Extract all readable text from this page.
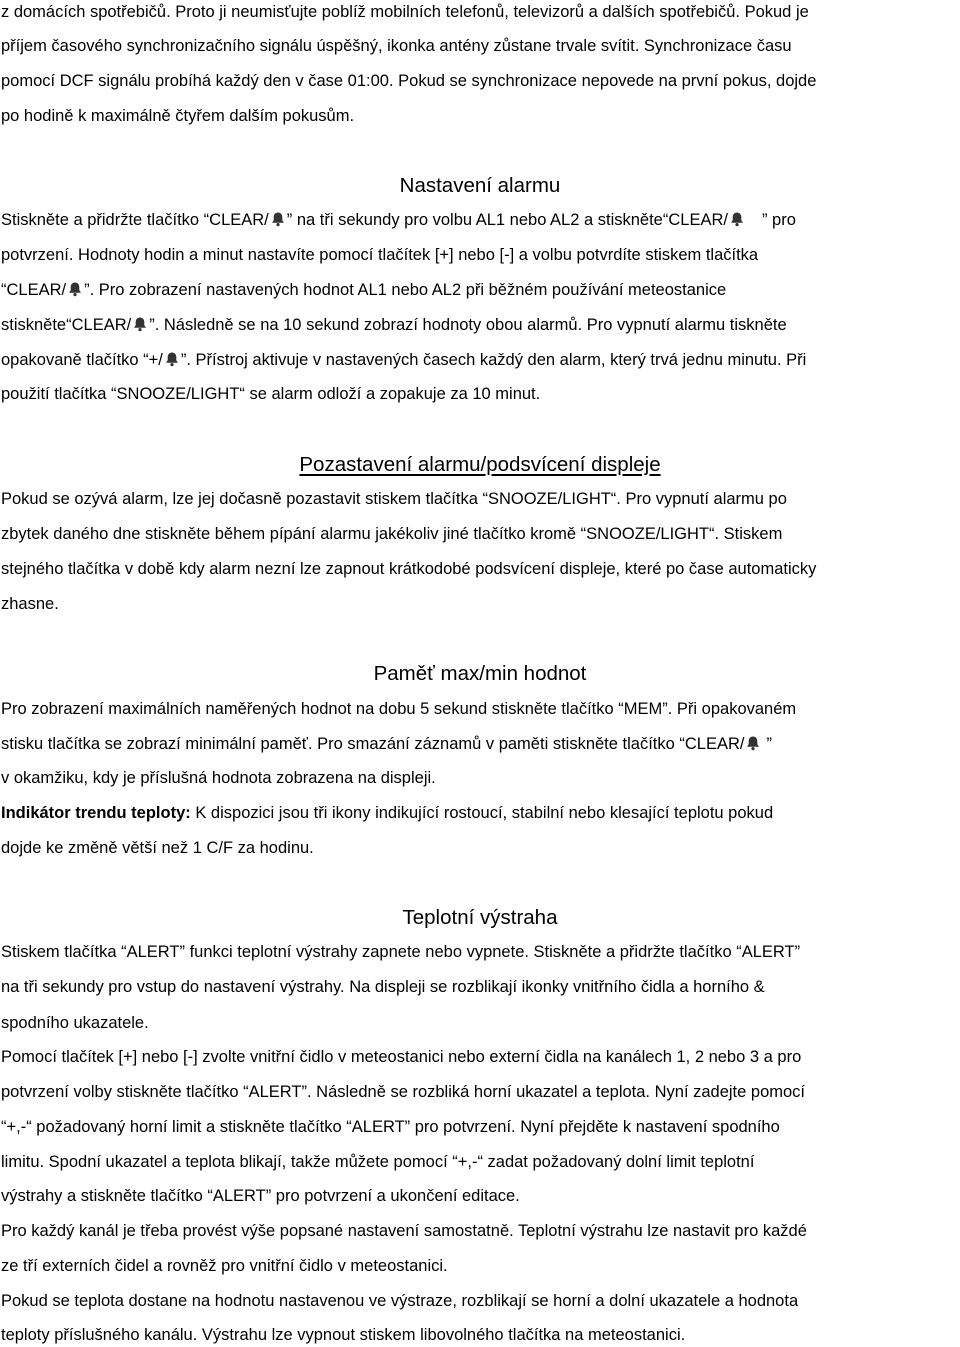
z domácích spotřebičů. Proto ji neumisťujte poblíž mobilních telefonů, televizorů a dalších spotřebičů. Pokud je

příjem časového synchronizačního signálu úspěšný, ikonka antény zůstane trvale svítit. Synchronizace času

pomocí DCF signálu probíhá každý den v čase 01:00. Pokud se synchronizace nepovede na první pokus, dojde

po hodině k maximálně čtyřem dalším pokusům.

Nastavení alarmu

Stiskněte a přidržte tlačítko “CLEAR/ ” na tři sekundy pro volbu AL1 nebo AL2 a stiskněte“CLEAR/ ” pro

potvrzení. Hodnoty hodin a minut nastavíte pomocí tlačítek [+] nebo [-] a volbu potvrdíte stiskem tlačítka

“CLEAR/ ”. Pro zobrazení nastavených hodnot AL1 nebo AL2 při běžném používání meteostanice

stiskněte“CLEAR/ ”. Následně se na 10 sekund zobrazí hodnoty obou alarmů. Pro vypnutí alarmu tiskněte

opakovaně tlačítko “+/ ”. Přístroj aktivuje v nastavených časech každý den alarm, který trvá jednu minutu. Při

použití tlačítka “SNOOZE/LIGHT“ se alarm odloží a zopakuje za 10 minut.

Pozastavení alarmu/podsvícení displeje

Pokud se ozývá alarm, lze jej dočasně pozastavit stiskem tlačítka “SNOOZE/LIGHT“. Pro vypnutí alarmu po

zbytek daného dne stiskněte během pípání alarmu jakékoliv jiné tlačítko kromě “SNOOZE/LIGHT“. Stiskem

stejného tlačítka v době kdy alarm nezní lze zapnout krátkodobé podsvícení displeje, které po čase automaticky

zhasne.

Paměť max/min hodnot

Pro zobrazení maximálních naměřených hodnot na dobu 5 sekund stiskněte tlačítko “MEM”. Při opakovaném

stisku tlačítka se zobrazí minimální paměť. Pro smazání záznamů v paměti stiskněte tlačítko “CLEAR/ ”

v okamžiku, kdy je příslušná hodnota zobrazena na displeji.

Indikátor trendu teploty: K dispozici jsou tři ikony indikující rostoucí, stabilní nebo klesající teplotu pokud

dojde ke změně větší než 1 C/F za hodinu.

Teplotní výstraha

Stiskem tlačítka “ALERT” funkci teplotní výstrahy zapnete nebo vypnete. Stiskněte a přidržte tlačítko “ALERT”

na tři sekundy pro vstup do nastavení výstrahy. Na displeji se rozblikají ikonky vnitřního čidla a horního &

spodního ukazatele.

Pomocí tlačítek [+] nebo [-] zvolte vnitřní čidlo v meteostanici nebo externí čidla na kanálech 1, 2 nebo 3 a pro

potvrzení volby stiskněte tlačítko “ALERT”. Následně se rozbliká horní ukazatel a teplota. Nyní zadejte pomocí

“+,-“ požadovaný horní limit a stiskněte tlačítko “ALERT” pro potvrzení. Nyní přejděte k nastavení spodního

limitu. Spodní ukazatel a teplota blikají, takže můžete pomocí “+,-“ zadat požadovaný dolní limit teplotní

výstrahy a stiskněte tlačítko “ALERT” pro potvrzení a ukončení editace.

Pro každý kanál je třeba provést výše popsané nastavení samostatně. Teplotní výstrahu lze nastavit pro každé

ze tří externích čidel a rovněž pro vnitřní čidlo v meteostanici.

Pokud se teplota dostane na hodnotu nastavenou ve výstraze, rozblikají se horní a dolní ukazatele a hodnota

teploty příslušného kanálu. Výstrahu lze vypnout stiskem libovolného tlačítka na meteostanici.
